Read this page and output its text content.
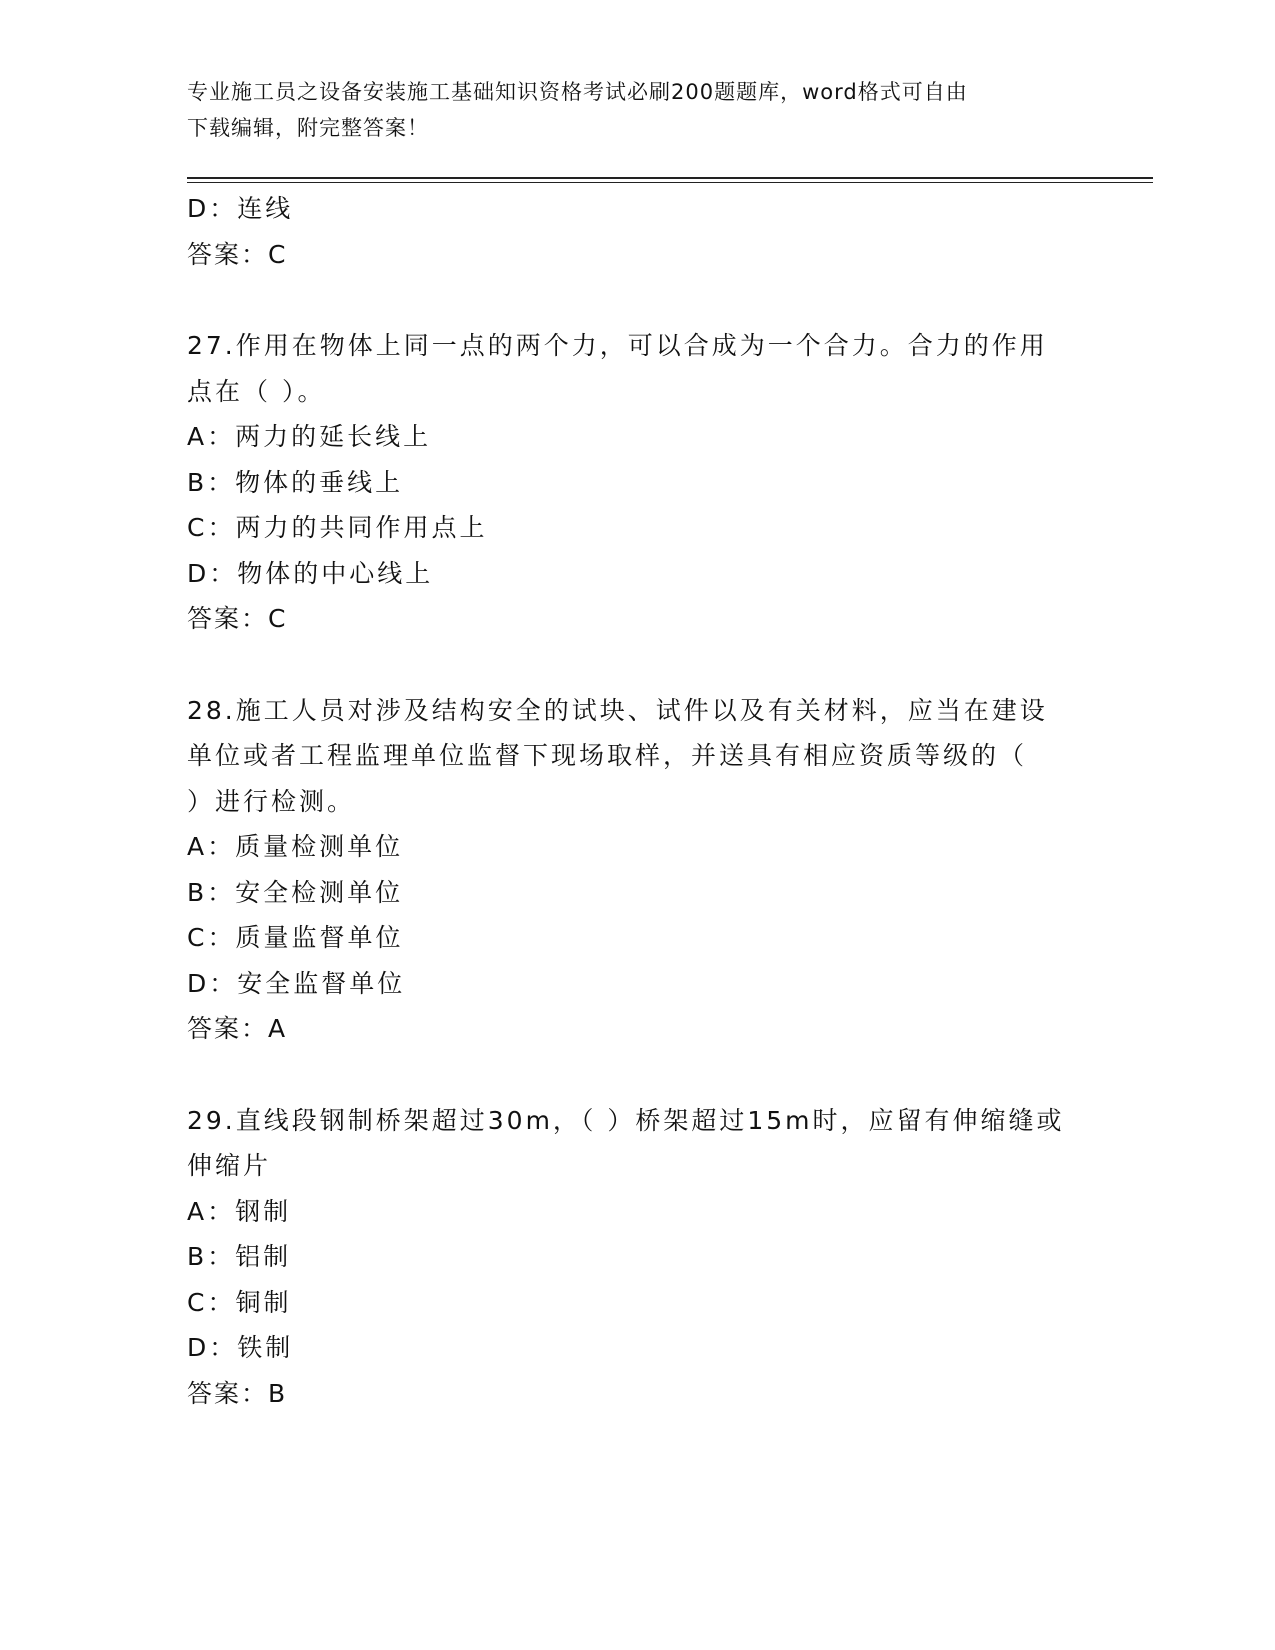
专业施工员之设备安装施工基础知识资格考试必刷200题题库，word格式可自由
下载编辑，附完整答案！
D：连线
答案：C
27.作用在物体上同一点的两个力，可以合成为一个合力。合力的作用
点在（ ）。
A：两力的延长线上
B：物体的垂线上
C：两力的共同作用点上
D：物体的中心线上
答案：C
28.施工人员对涉及结构安全的试块、试件以及有关材料，应当在建设
单位或者工程监理单位监督下现场取样，并送具有相应资质等级的（
）进行检测。
A：质量检测单位
B：安全检测单位
C：质量监督单位
D：安全监督单位
答案：A
29.直线段钢制桥架超过30m，（ ）桥架超过15m时，应留有伸缩缝或
伸缩片
A：钢制
B：铝制
C：铜制
D：铁制
答案：B
